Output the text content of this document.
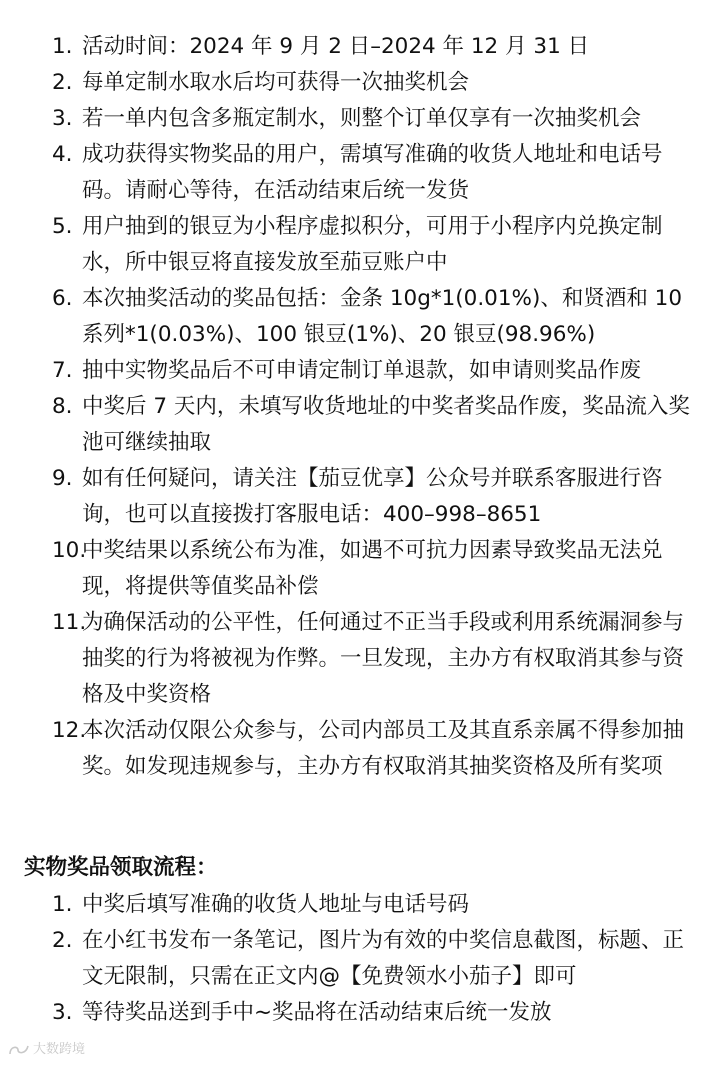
1. 活动时间：2024 年 9 月 2 日–2024 年 12 月 31 日
2. 每单定制水取水后均可获得一次抽奖机会
3. 若一单内包含多瓶定制水，则整个订单仅享有一次抽奖机会
4. 成功获得实物奖品的用户，需填写准确的收货人地址和电话号码。请耐心等待，在活动结束后统一发货
5. 用户抽到的银豆为小程序虚拟积分，可用于小程序内兑换定制水，所中银豆将直接发放至茄豆账户中
6. 本次抽奖活动的奖品包括：金条 10g*1(0.01%)、和贤酒和 10 系列*1(0.03%)、100 银豆(1%)、20 银豆(98.96%)
7. 抽中实物奖品后不可申请定制订单退款，如申请则奖品作废
8. 中奖后 7 天内，未填写收货地址的中奖者奖品作废，奖品流入奖池可继续抽取
9. 如有任何疑问，请关注【茄豆优享】公众号并联系客服进行咨询，也可以直接拨打客服电话：400–998–8651
10.
中奖结果以系统公布为准，如遇不可抗力因素导致奖品无法兑现，将提供等值奖品补偿
11.
为确保活动的公平性，任何通过不正当手段或利用系统漏洞参与抽奖的行为将被视为作弊。一旦发现，主办方有权取消其参与资格及中奖资格
12.
本次活动仅限公众参与，公司内部员工及其直系亲属不得参加抽奖。如发现违规参与，主办方有权取消其抽奖资格及所有奖项
实物奖品领取流程：
1. 中奖后填写准确的收货人地址与电话号码
2. 在小红书发布一条笔记，图片为有效的中奖信息截图，标题、正文无限制，只需在正文内@【免费领水小茄子】即可
3. 等待奖品送到手中~奖品将在活动结束后统一发放
大数跨境
